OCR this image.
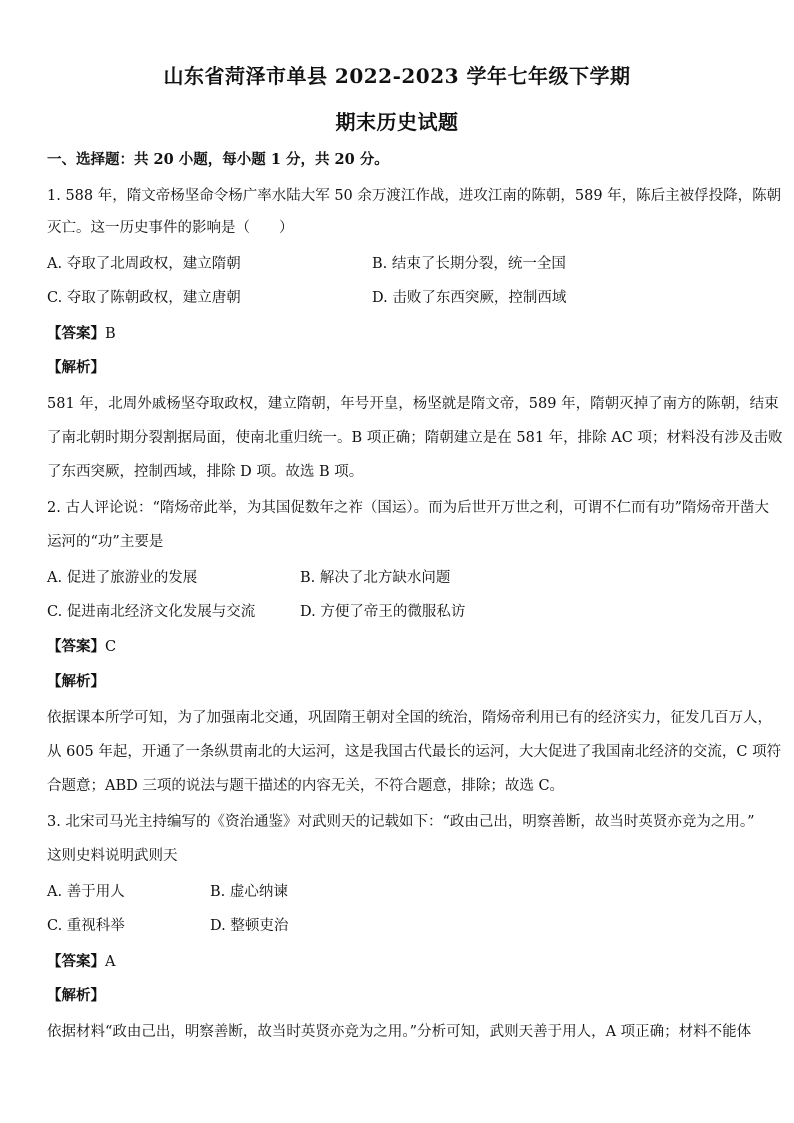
山东省菏泽市单县 2022-2023 学年七年级下学期
期末历史试题
一、选择题：共 20 小题，每小题 1 分，共 20 分。
1. 588 年，隋文帝杨坚命令杨广率水陆大军 50 余万渡江作战，进攻江南的陈朝，589 年，陈后主被俘投降，陈朝
灭亡。这一历史事件的影响是（　　）
A. 夺取了北周政权，建立隋朝	B. 结束了长期分裂，统一全国
C. 夺取了陈朝政权，建立唐朝	D. 击败了东西突厥，控制西域
【答案】B
【解析】
581 年，北周外戚杨坚夺取政权，建立隋朝，年号开皇，杨坚就是隋文帝，589 年，隋朝灭掉了南方的陈朝，结束
了南北朝时期分裂割据局面，使南北重归统一。B 项正确；隋朝建立是在 581 年，排除 AC 项；材料没有涉及击败
了东西突厥，控制西域，排除 D 项。故选 B 项。
2. 古人评论说：“隋炀帝此举，为其国促数年之祚（国运）。而为后世开万世之利，可谓不仁而有功”隋炀帝开凿大
运河的“功”主要是
A. 促进了旅游业的发展	B. 解决了北方缺水问题
C. 促进南北经济文化发展与交流	D. 方便了帝王的微服私访
【答案】C
【解析】
依据课本所学可知，为了加强南北交通，巩固隋王朝对全国的统治，隋炀帝利用已有的经济实力，征发几百万人，
从 605 年起，开通了一条纵贯南北的大运河，这是我国古代最长的运河，大大促进了我国南北经济的交流，C 项符
合题意；ABD 三项的说法与题干描述的内容无关，不符合题意，排除；故选 C。
3. 北宋司马光主持编写的《资治通鉴》对武则天的记载如下：“政由己出，明察善断，故当时英贤亦竞为之用。”
这则史料说明武则天
A. 善于用人	B. 虚心纳谏
C. 重视科举	D. 整顿吏治
【答案】A
【解析】
依据材料“政由己出，明察善断，故当时英贤亦竞为之用。”分析可知，武则天善于用人，A 项正确；材料不能体
